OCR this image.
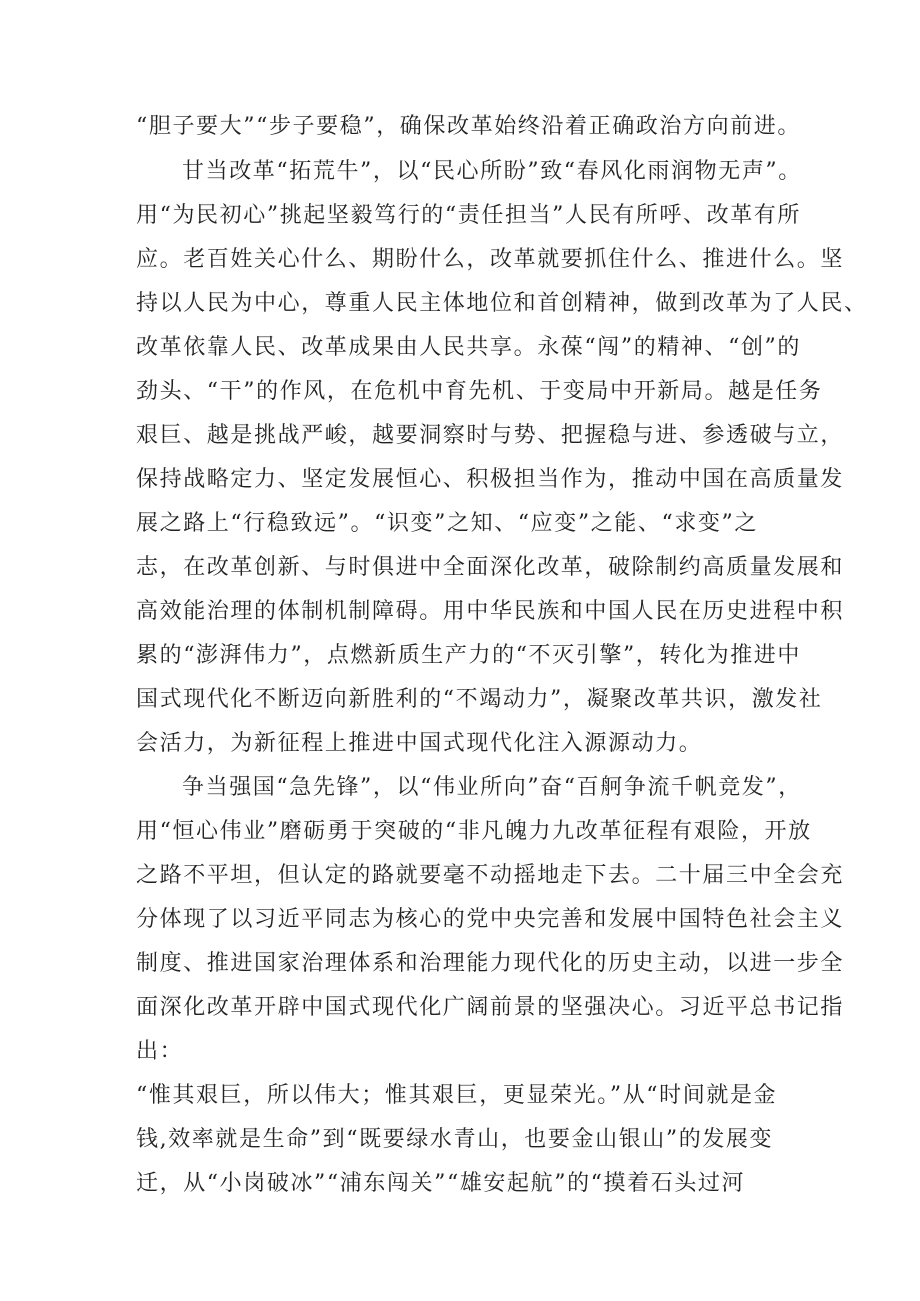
“胆子要大”“步子要稳”，确保改革始终沿着正确政治方向前进。
甘当改革“拓荒牛”，以“民心所盼”致“春风化雨润物无声”。
用“为民初心”挑起坚毅笃行的“责任担当”人民有所呼、改革有所
应。老百姓关心什么、期盼什么，改革就要抓住什么、推进什么。坚
持以人民为中心，尊重人民主体地位和首创精神，做到改革为了人民、
改革依靠人民、改革成果由人民共享。永葆“闯”的精神、“创”的
劲头、“干”的作风，在危机中育先机、于变局中开新局。越是任务
艰巨、越是挑战严峻，越要洞察时与势、把握稳与进、参透破与立，
保持战略定力、坚定发展恒心、积极担当作为，推动中国在高质量发
展之路上“行稳致远”。“识变”之知、“应变”之能、“求变”之
志，在改革创新、与时俱进中全面深化改革，破除制约高质量发展和
高效能治理的体制机制障碍。用中华民族和中国人民在历史进程中积
累的“澎湃伟力”，点燃新质生产力的“不灭引擎”，转化为推进中
国式现代化不断迈向新胜利的“不竭动力”，凝聚改革共识，激发社
会活力，为新征程上推进中国式现代化注入源源动力。
争当强国“急先锋”，以“伟业所向”奋“百舸争流千帆竞发”，
用“恒心伟业”磨砺勇于突破的“非凡魄力九改革征程有艰险，开放
之路不平坦，但认定的路就要毫不动摇地走下去。二十届三中全会充
分体现了以习近平同志为核心的党中央完善和发展中国特色社会主义
制度、推进国家治理体系和治理能力现代化的历史主动，以进一步全
面深化改革开辟中国式现代化广阔前景的坚强决心。习近平总书记指
出：
“惟其艰巨，所以伟大；惟其艰巨，更显荣光。”从“时间就是金
钱,效率就是生命”到“既要绿水青山，也要金山银山”的发展变
迁，从“小岗破冰”“浦东闯关”“雄安起航”的“摸着石头过河
